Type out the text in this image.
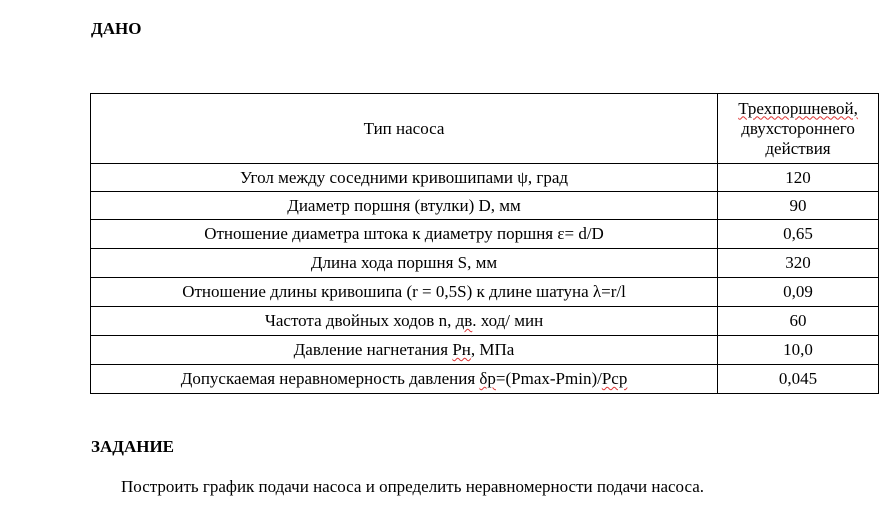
ДАНО
Тип насоса	Трехпоршневой,
двухстороннего
действия
Угол между соседними кривошипами ψ, град	120
Диаметр поршня (втулки) D, мм	90
Отношение диаметра штока к диаметру поршня ε= d/D	0,65
Длина хода поршня S, мм	320
Отношение длины кривошипа (r = 0,5S) к длине шатуна λ=r/l	0,09
Частота двойных ходов n, дв. ход/ мин	60
Давление нагнетания Рн, МПа	10,0
Допускаемая неравномерность давления δр=(Pmax-Pmin)/Рср	0,045
ЗАДАНИЕ

Построить график подачи насоса и определить неравномерности подачи насоса.
